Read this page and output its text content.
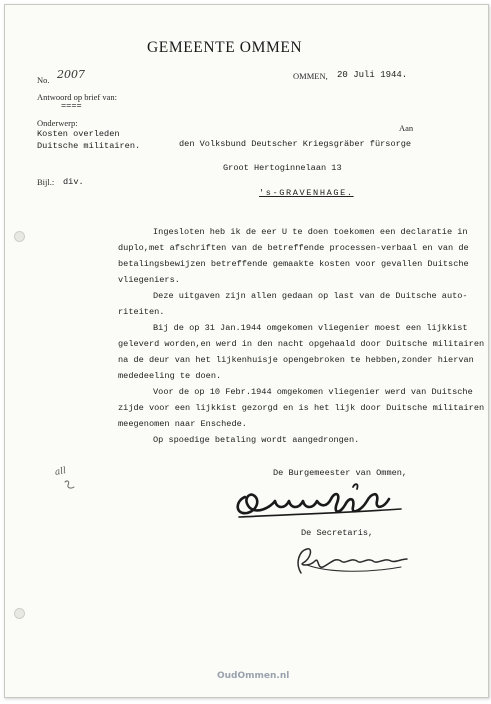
GEMEENTE OMMEN
No. 2007
Antwoord op brief van:
====
Onderwerp:
Kosten overleden
Duitsche militairen.
Bijl.: div.
OMMEN, 20 Juli 1944.
Aan
den Volksbund Deutscher Kriegsgräber fürsorge
Groot Hertoginnelaan 13
's-GRAVENHAGE.
Ingesloten heb ik de eer U te doen toekomen een declaratie in
duplo,met afschriften van de betreffende processen-verbaal en van de
betalingsbewijzen betreffende gemaakte kosten voor gevallen Duitsche
vliegeniers.
Deze uitgaven zijn allen gedaan op last van de Duitsche auto-
riteiten.
Bij de op 31 Jan.1944 omgekomen vliegenier moest een lijkkist
geleverd worden,en werd in den nacht opgehaald door Duitsche militairen
na de deur van het lijkenhuisje opengebroken te hebben,zonder hiervan
mededeeling te doen.
Voor de op 10 Febr.1944 omgekomen vliegenier werd van Duitsche
zijde voor een lijkkist gezorgd en is het lijk door Duitsche militairen
meegenomen naar Enschede.
Op spoedige betaling wordt aangedrongen.
De Burgemeester van Ommen,
De Secretaris,
all
OudOmmen.nl
